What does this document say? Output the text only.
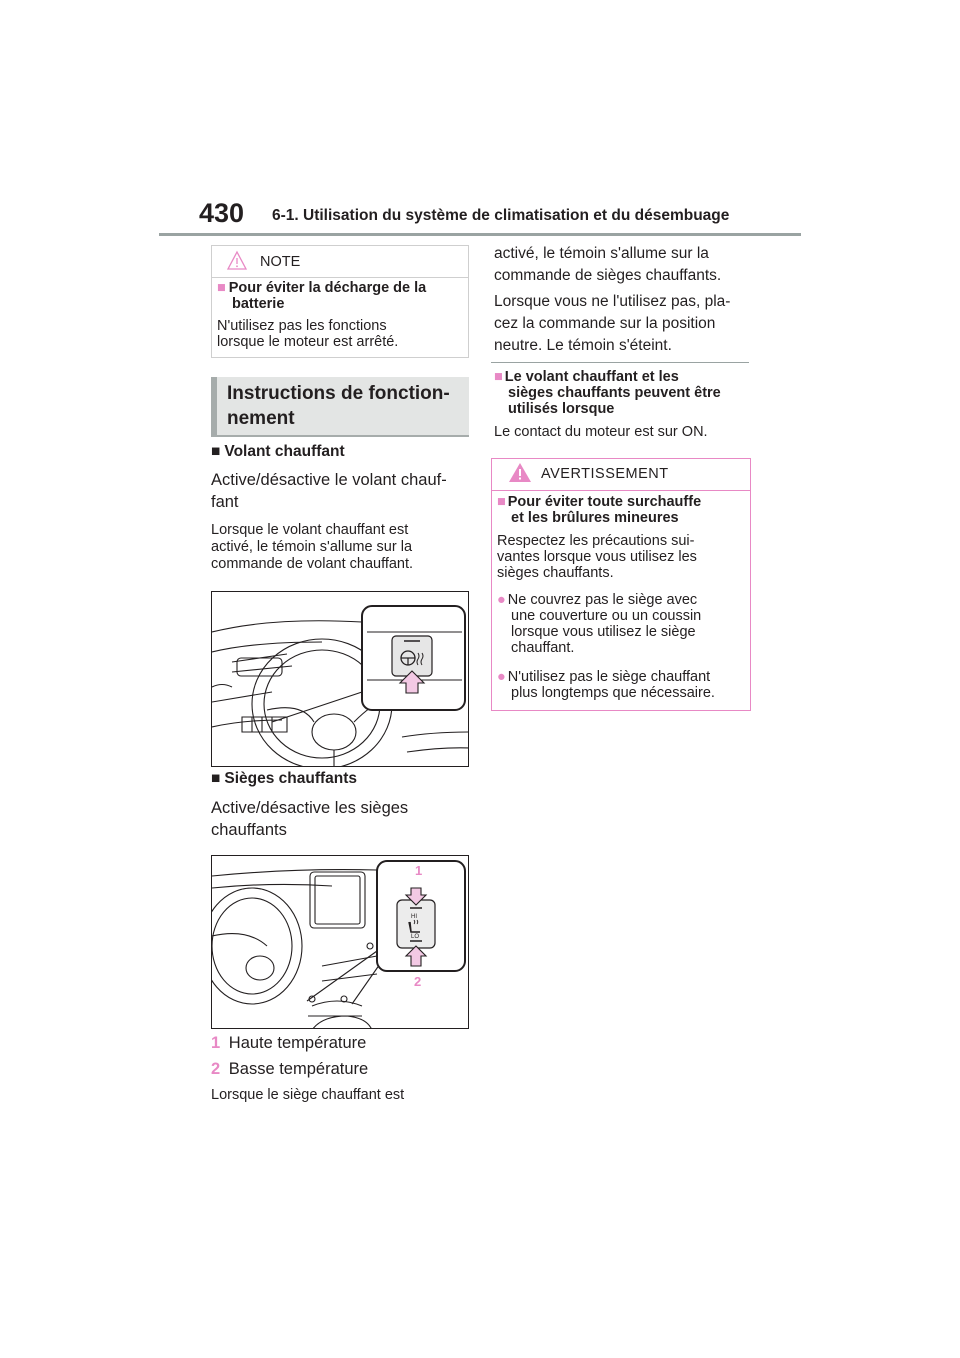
430 6-1. Utilisation du système de climatisation et du désembuage
NOTE
■ Pour éviter la décharge de la
batterie
N'utilisez pas les fonctions
lorsque le moteur est arrêté.
Instructions de fonction-
nement
■ Volant chauffant
Active/désactive le volant chauf-
fant
Lorsque le volant chauffant est
activé, le témoin s'allume sur la
commande de volant chauffant.
■ Sièges chauffants
Active/désactive les sièges
chauffants
1
2
HI
LO
1 Haute température
2 Basse température
Lorsque le siège chauffant est
activé, le témoin s'allume sur la
commande de sièges chauffants.
Lorsque vous ne l'utilisez pas, pla-
cez la commande sur la position
neutre. Le témoin s'éteint.
■ Le volant chauffant et les
sièges chauffants peuvent être
utilisés lorsque
Le contact du moteur est sur ON.
AVERTISSEMENT
■ Pour éviter toute surchauffe
et les brûlures mineures
Respectez les précautions sui-
vantes lorsque vous utilisez les
sièges chauffants.
● Ne couvrez pas le siège avec
une couverture ou un coussin
lorsque vous utilisez le siège
chauffant.
● N'utilisez pas le siège chauffant
plus longtemps que nécessaire.
